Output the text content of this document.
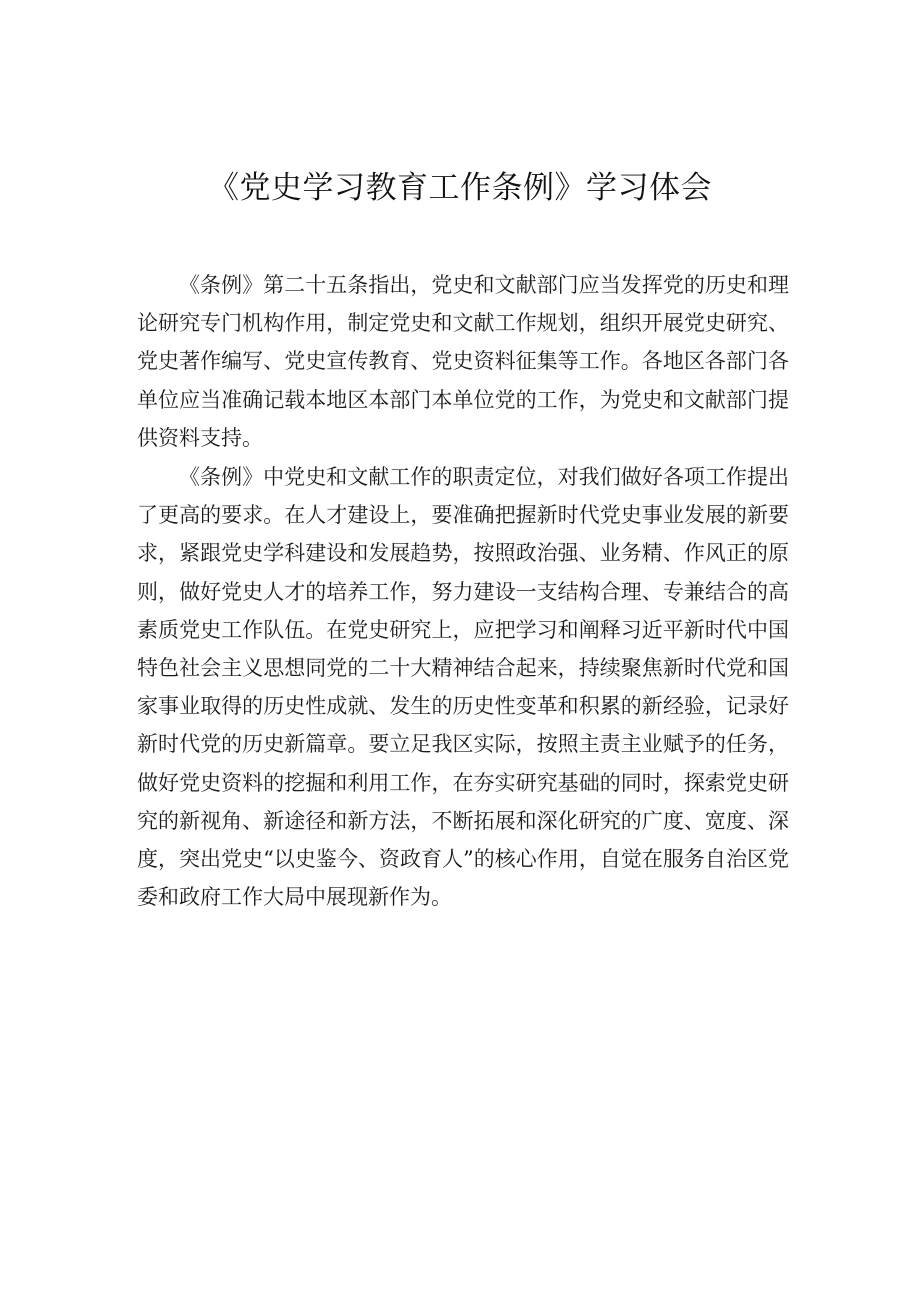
《党史学习教育工作条例》学习体会

《条例》第二十五条指出，党史和文献部门应当发挥党的历史和理论研究专门机构作用，制定党史和文献工作规划，组织开展党史研究、党史著作编写、党史宣传教育、党史资料征集等工作。各地区各部门各单位应当准确记载本地区本部门本单位党的工作，为党史和文献部门提供资料支持。

《条例》中党史和文献工作的职责定位，对我们做好各项工作提出了更高的要求。在人才建设上，要准确把握新时代党史事业发展的新要求，紧跟党史学科建设和发展趋势，按照政治强、业务精、作风正的原则，做好党史人才的培养工作，努力建设一支结构合理、专兼结合的高素质党史工作队伍。在党史研究上，应把学习和阐释习近平新时代中国特色社会主义思想同党的二十大精神结合起来，持续聚焦新时代党和国家事业取得的历史性成就、发生的历史性变革和积累的新经验，记录好新时代党的历史新篇章。要立足我区实际，按照主责主业赋予的任务，做好党史资料的挖掘和利用工作，在夯实研究基础的同时，探索党史研究的新视角、新途径和新方法，不断拓展和深化研究的广度、宽度、深度，突出党史“以史鉴今、资政育人”的核心作用，自觉在服务自治区党委和政府工作大局中展现新作为。
